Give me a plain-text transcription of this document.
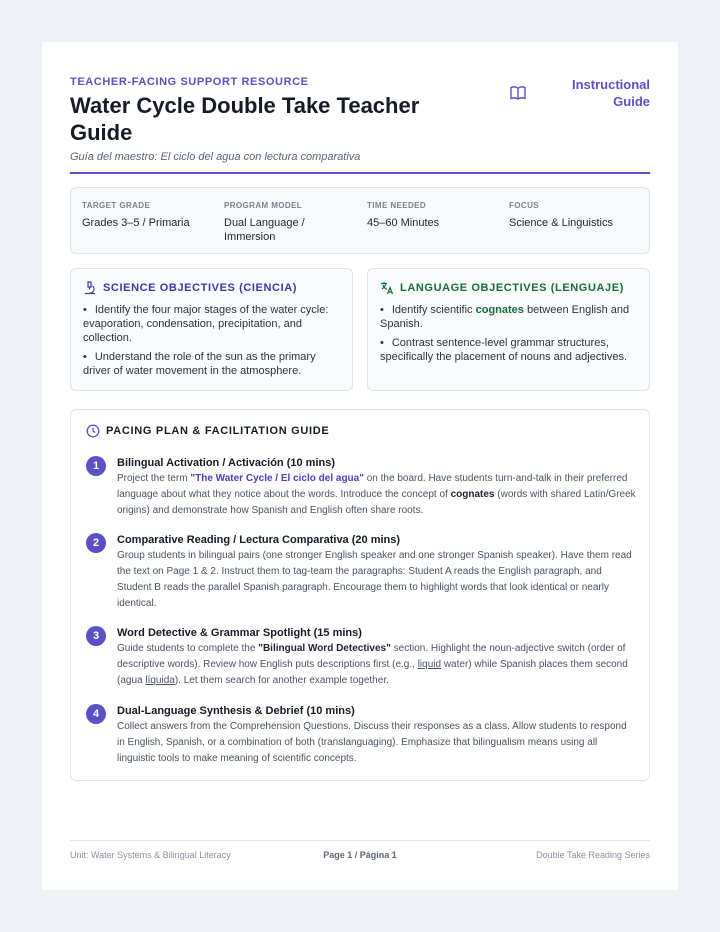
TEACHER-FACING SUPPORT RESOURCE
Water Cycle Double Take Teacher Guide
Guía del maestro: El ciclo del agua con lectura comparativa
Instructional Guide
TARGET GRADE
Grades 3–5 / Primaria
PROGRAM MODEL
Dual Language / Immersion
TIME NEEDED
45–60 Minutes
FOCUS
Science & Linguistics
SCIENCE OBJECTIVES (CIENCIA)
• Identify the four major stages of the water cycle: evaporation, condensation, precipitation, and collection.
• Understand the role of the sun as the primary driver of water movement in the atmosphere.
LANGUAGE OBJECTIVES (LENGUAJE)
• Identify scientific cognates between English and Spanish.
• Contrast sentence-level grammar structures, specifically the placement of nouns and adjectives.
PACING PLAN & FACILITATION GUIDE
1	Bilingual Activation / Activación (10 mins)
Project the term "The Water Cycle / El ciclo del agua" on the board. Have students turn-and-talk in their preferred language about what they notice about the words. Introduce the concept of cognates (words with shared Latin/Greek origins) and demonstrate how Spanish and English often share roots.
2	Comparative Reading / Lectura Comparativa (20 mins)
Group students in bilingual pairs (one stronger English speaker and one stronger Spanish speaker). Have them read the text on Page 1 & 2. Instruct them to tag-team the paragraphs: Student A reads the English paragraph, and Student B reads the parallel Spanish paragraph. Encourage them to highlight words that look identical or nearly identical.
3	Word Detective & Grammar Spotlight (15 mins)
Guide students to complete the "Bilingual Word Detectives" section. Highlight the noun-adjective switch (order of descriptive words). Review how English puts descriptions first (e.g., liquid water) while Spanish places them second (agua líquida). Let them search for another example together.
4	Dual-Language Synthesis & Debrief (10 mins)
Collect answers from the Comprehension Questions. Discuss their responses as a class. Allow students to respond in English, Spanish, or a combination of both (translanguaging). Emphasize that bilingualism means using all linguistic tools to make meaning of scientific concepts.
Unit: Water Systems & Bilingual Literacy	Page 1 / Página 1	Double Take Reading Series
